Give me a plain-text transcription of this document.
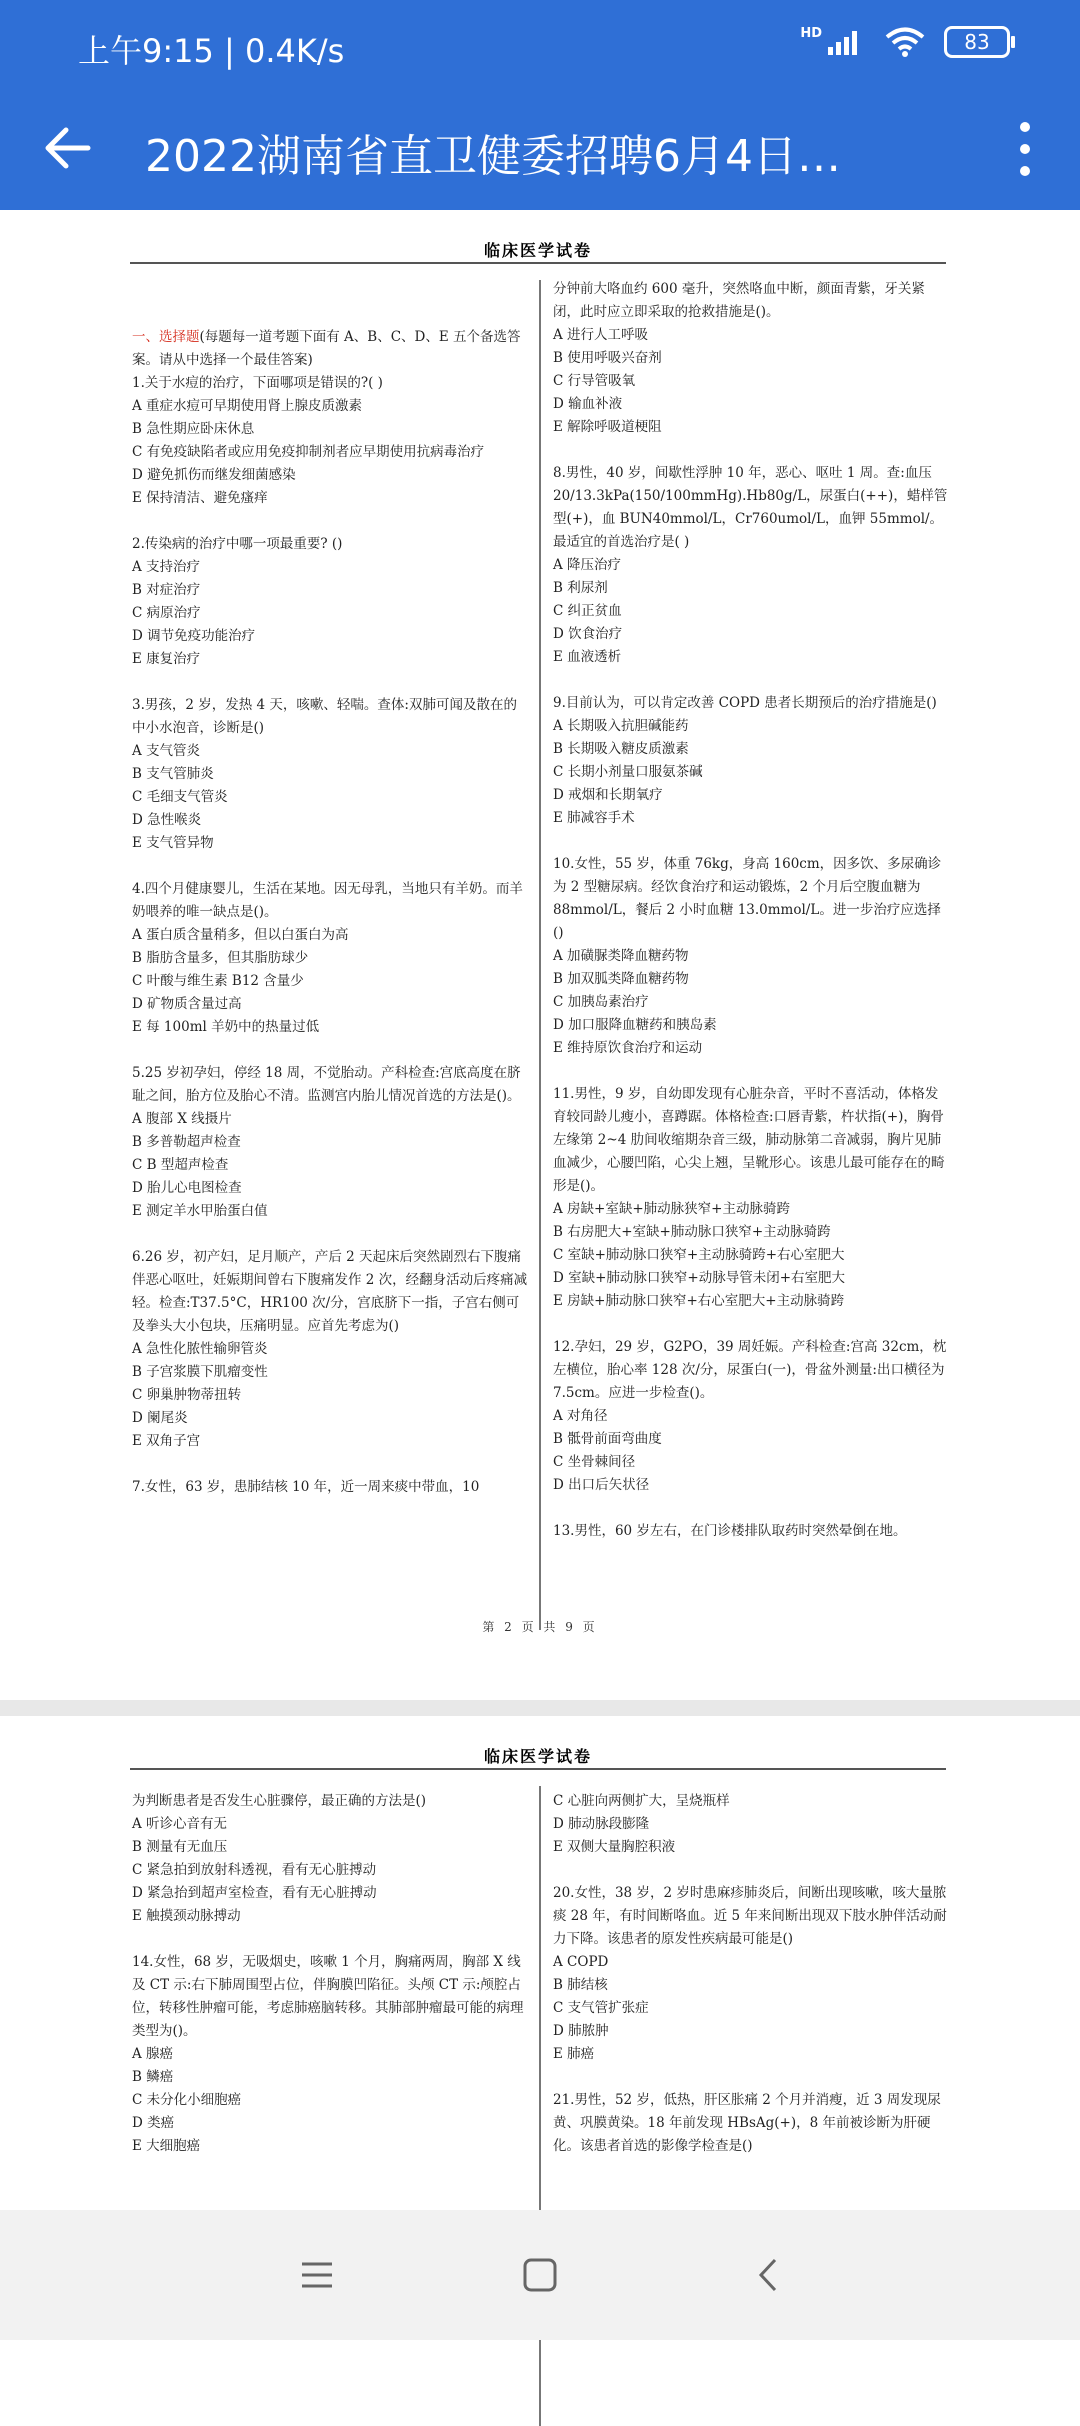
上午9:15 | 0.4K/s	HD	83
2022湖南省直卫健委招聘6月4日…
临床医学试卷

一、选择题(每题每一道考题下面有 A、B、C、D、E 五个备选答案。请从中选择一个最佳答案)

1.关于水痘的治疗，下面哪项是错误的?( )

A 重症水痘可早期使用肾上腺皮质激素

B 急性期应卧床休息

C 有免疫缺陷者或应用免疫抑制剂者应早期使用抗病毒治疗

D 避免抓伤而继发细菌感染

E 保持清洁、避免瘙痒

2.传染病的治疗中哪一项最重要? ()

A 支持治疗

B 对症治疗

C 病原治疗

D 调节免疫功能治疗

E 康复治疗

3.男孩，2 岁，发热 4 天，咳嗽、轻喘。查体:双肺可闻及散在的中小水泡音，诊断是()

A 支气管炎

B 支气管肺炎

C 毛细支气管炎

D 急性喉炎

E 支气管异物

4.四个月健康婴儿，生活在某地。因无母乳，当地只有羊奶。而羊奶喂养的唯一缺点是()。

A 蛋白质含量稍多，但以白蛋白为高

B 脂肪含量多，但其脂肪球少

C 叶酸与维生素 B12 含量少

D 矿物质含量过高

E 每 100ml 羊奶中的热量过低

5.25 岁初孕妇，停经 18 周，不觉胎动。产科检查:宫底高度在脐耻之间，胎方位及胎心不清。监测宫内胎儿情况首选的方法是()。

A 腹部 X 线摄片

B 多普勒超声检查

C B 型超声检查

D 胎儿心电图检查

E 测定羊水甲胎蛋白值

6.26 岁，初产妇，足月顺产，产后 2 天起床后突然剧烈右下腹痛伴恶心呕吐，妊娠期间曾右下腹痛发作 2 次，经翻身活动后疼痛减轻。检查:T37.5°C，HR100 次/分，宫底脐下一指，子宫右侧可及拳头大小包块，压痛明显。应首先考虑为()

A 急性化脓性输卵管炎

B 子宫浆膜下肌瘤变性

C 卵巢肿物蒂扭转

D 阑尾炎

E 双角子宫

7.女性，63 岁，患肺结核 10 年，近一周来痰中带血，10

分钟前大咯血约 600 毫升，突然咯血中断，颜面青紫，牙关紧闭，此时应立即采取的抢救措施是()。

A 进行人工呼吸

B 使用呼吸兴奋剂

C 行导管吸氧

D 输血补液

E 解除呼吸道梗阻

8.男性，40 岁，间歇性浮肿 10 年，恶心、呕吐 1 周。查:血压 20/13.3kPa(150/100mmHg).Hb80g/L，尿蛋白(++)，蜡样管型(+)，血 BUN40mmol/L，Cr760umol/L，血钾 55mmol/。最适宜的首选治疗是( )

A 降压治疗

B 利尿剂

C 纠正贫血

D 饮食治疗

E 血液透析

9.目前认为，可以肯定改善 COPD 患者长期预后的治疗措施是()

A 长期吸入抗胆碱能药

B 长期吸入糖皮质激素

C 长期小剂量口服氨茶碱

D 戒烟和长期氧疗

E 肺减容手术

10.女性，55 岁，体重 76kg，身高 160cm，因多饮、多尿确诊为 2 型糖尿病。经饮食治疗和运动锻炼，2 个月后空腹血糖为 88mmol/L，餐后 2 小时血糖 13.0mmol/L。进一步治疗应选择()

A 加磺脲类降血糖药物

B 加双胍类降血糖药物

C 加胰岛素治疗

D 加口服降血糖药和胰岛素

E 维持原饮食治疗和运动

11.男性，9 岁，自幼即发现有心脏杂音，平时不喜活动，体格发育较同龄儿瘦小，喜蹲踞。体格检查:口唇青紫，杵状指(+)，胸骨左缘第 2~4 肋间收缩期杂音三级，肺动脉第二音减弱，胸片见肺血减少，心腰凹陷，心尖上翘，呈靴形心。该患儿最可能存在的畸形是()。

A 房缺+室缺+肺动脉狭窄+主动脉骑跨

B 右房肥大+室缺+肺动脉口狭窄+主动脉骑跨

C 室缺+肺动脉口狭窄+主动脉骑跨+右心室肥大

D 室缺+肺动脉口狭窄+动脉导管未闭+右室肥大

E 房缺+肺动脉口狭窄+右心室肥大+主动脉骑跨

12.孕妇，29 岁，G2PO，39 周妊娠。产科检查:宫高 32cm，枕左横位，胎心率 128 次/分，尿蛋白(一)，骨盆外测量:出口横径为 7.5cm。应进一步检查()。

A 对角径

B 骶骨前面弯曲度

C 坐骨棘间径

D 出口后矢状径

13.男性，60 岁左右，在门诊楼排队取药时突然晕倒在地。

第 2 页 共 9 页
临床医学试卷

为判断患者是否发生心脏骤停，最正确的方法是()

A 听诊心音有无

B 测量有无血压

C 紧急拍到放射科透视，看有无心脏搏动

D 紧急抬到超声室检查，看有无心脏搏动

E 触摸颈动脉搏动

14.女性，68 岁，无吸烟史，咳嗽 1 个月，胸痛两周，胸部 X 线及 CT 示:右下肺周围型占位，伴胸膜凹陷征。头颅 CT 示:颅腔占位，转移性肿瘤可能，考虑肺癌脑转移。其肺部肿瘤最可能的病理类型为()。

A 腺癌

B 鳞癌

C 未分化小细胞癌

D 类癌

E 大细胞癌

C 心脏向两侧扩大，呈烧瓶样

D 肺动脉段膨隆

E 双侧大量胸腔积液

20.女性，38 岁，2 岁时患麻疹肺炎后，间断出现咳嗽，咳大量脓痰 28 年，有时间断咯血。近 5 年来间断出现双下肢水肿伴活动耐力下降。该患者的原发性疾病最可能是()

A COPD

B 肺结核

C 支气管扩张症

D 肺脓肿

E 肺癌

21.男性，52 岁，低热，肝区胀痛 2 个月并消瘦，近 3 周发现尿黄、巩膜黄染。18 年前发现 HBsAg(+)，8 年前被诊断为肝硬化。该患者首选的影像学检查是()
